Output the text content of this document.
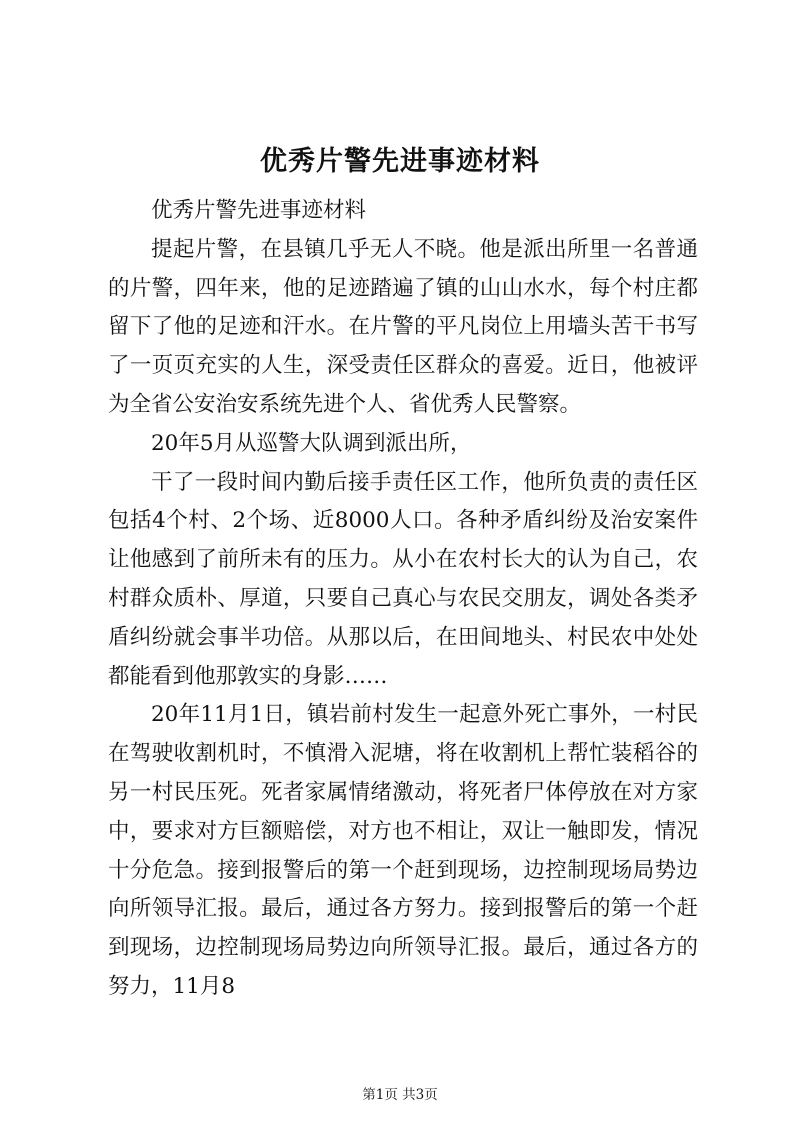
优秀片警先进事迹材料

优秀片警先进事迹材料

提起片警，在县镇几乎无人不晓。他是派出所里一名普通的片警，四年来，他的足迹踏遍了镇的山山水水，每个村庄都留下了他的足迹和汗水。在片警的平凡岗位上用墙头苦干书写了一页页充实的人生，深受责任区群众的喜爱。近日，他被评为全省公安治安系统先进个人、省优秀人民警察。

20年5月从巡警大队调到派出所，

干了一段时间内勤后接手责任区工作，他所负责的责任区包括4个村、2个场、近8000人口。各种矛盾纠纷及治安案件让他感到了前所未有的压力。从小在农村长大的认为自己，农村群众质朴、厚道，只要自己真心与农民交朋友，调处各类矛盾纠纷就会事半功倍。从那以后，在田间地头、村民农中处处都能看到他那敦实的身影……

20年11月1日，镇岩前村发生一起意外死亡事外，一村民在驾驶收割机时，不慎滑入泥塘，将在收割机上帮忙装稻谷的另一村民压死。死者家属情绪激动，将死者尸体停放在对方家中，要求对方巨额赔偿，对方也不相让，双让一触即发，情况十分危急。接到报警后的第一个赶到现场，边控制现场局势边向所领导汇报。最后，通过各方努力。接到报警后的第一个赶到现场，边控制现场局势边向所领导汇报。最后，通过各方的努力，11月8

第1页 共3页
